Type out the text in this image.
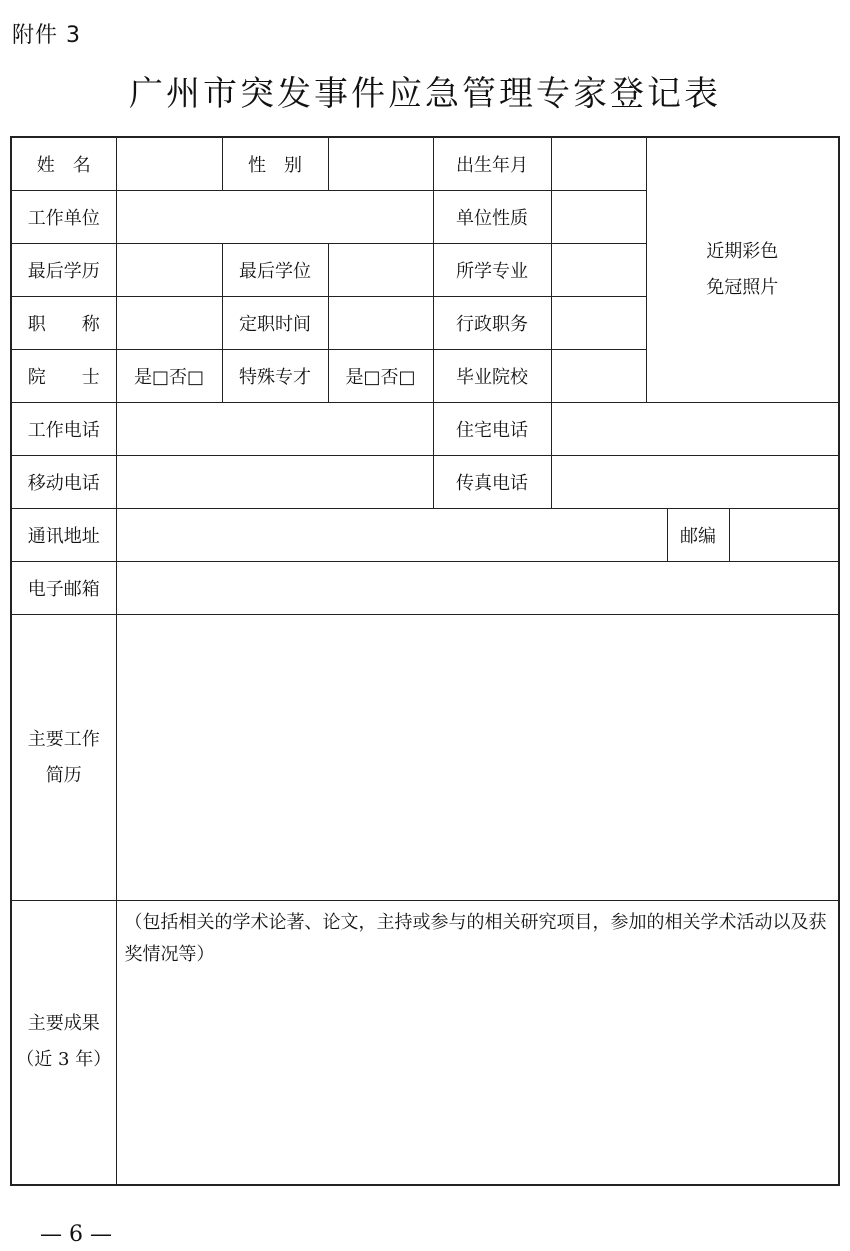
附件 3
广州市突发事件应急管理专家登记表
姓　名		性　别		出生年月		近期彩色
免冠照片		

工作单位				单位性质				
最后学历		最后学位		所学专业				
职　　称		定职时间		行政职务				
院　　士	是□否□	特殊专才	是□否□	毕业院校				
工作电话				住宅电话				
移动电话				传真电话				
通讯地址							邮编	
电子邮箱								

主要工作
简历								

主要成果
（近 3 年）	（包括相关的学术论著、论文，主持或参与的相关研究项目，参加的相关学术活动以及获奖情况等）							
— 6 —
